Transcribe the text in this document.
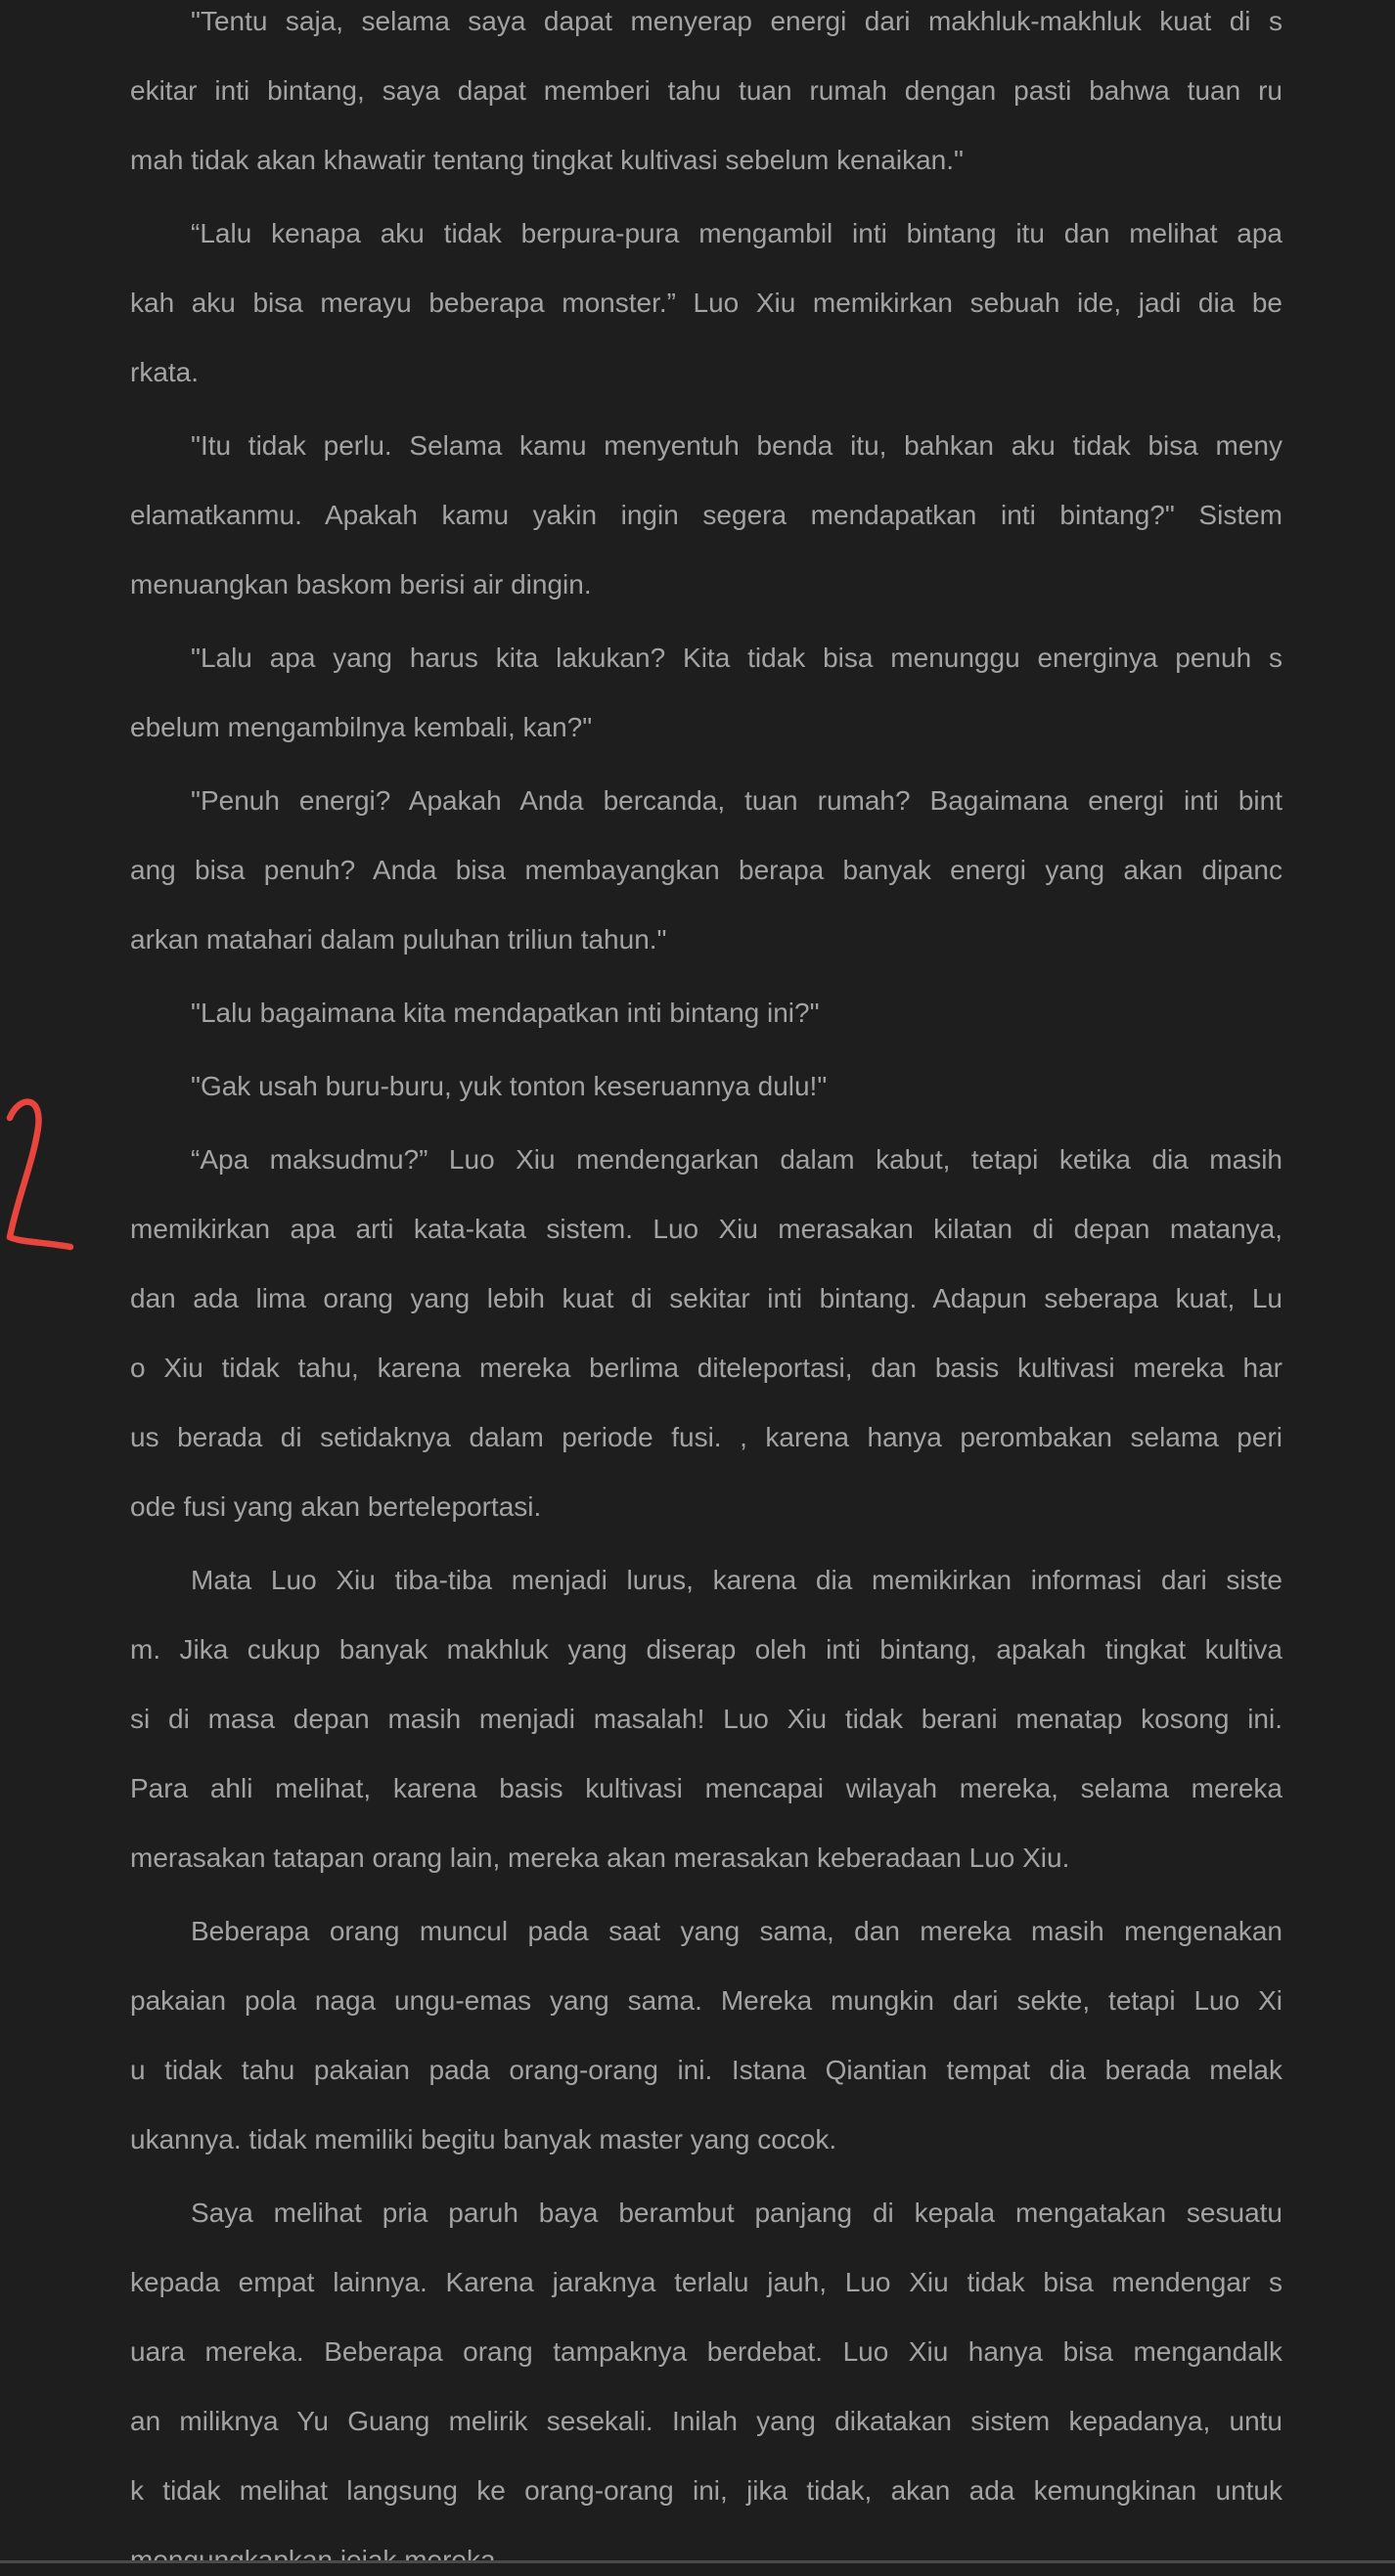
"Tentu saja, selama saya dapat menyerap energi dari makhluk-makhluk kuat di s
ekitar inti bintang, saya dapat memberi tahu tuan rumah dengan pasti bahwa tuan ru
mah tidak akan khawatir tentang tingkat kultivasi sebelum kenaikan."
“Lalu kenapa aku tidak berpura-pura mengambil inti bintang itu dan melihat apa
kah aku bisa merayu beberapa monster.” Luo Xiu memikirkan sebuah ide, jadi dia be
rkata.
"Itu tidak perlu. Selama kamu menyentuh benda itu, bahkan aku tidak bisa meny
elamatkanmu. Apakah kamu yakin ingin segera mendapatkan inti bintang?" Sistem
menuangkan baskom berisi air dingin.
"Lalu apa yang harus kita lakukan? Kita tidak bisa menunggu energinya penuh s
ebelum mengambilnya kembali, kan?"
"Penuh energi? Apakah Anda bercanda, tuan rumah? Bagaimana energi inti bint
ang bisa penuh? Anda bisa membayangkan berapa banyak energi yang akan dipanc
arkan matahari dalam puluhan triliun tahun."
"Lalu bagaimana kita mendapatkan inti bintang ini?"
"Gak usah buru-buru, yuk tonton keseruannya dulu!"
“Apa maksudmu?” Luo Xiu mendengarkan dalam kabut, tetapi ketika dia masih
memikirkan apa arti kata-kata sistem. Luo Xiu merasakan kilatan di depan matanya,
dan ada lima orang yang lebih kuat di sekitar inti bintang. Adapun seberapa kuat, Lu
o Xiu tidak tahu, karena mereka berlima diteleportasi, dan basis kultivasi mereka har
us berada di setidaknya dalam periode fusi. , karena hanya perombakan selama peri
ode fusi yang akan berteleportasi.
Mata Luo Xiu tiba-tiba menjadi lurus, karena dia memikirkan informasi dari siste
m. Jika cukup banyak makhluk yang diserap oleh inti bintang, apakah tingkat kultiva
si di masa depan masih menjadi masalah! Luo Xiu tidak berani menatap kosong ini.
Para ahli melihat, karena basis kultivasi mencapai wilayah mereka, selama mereka
merasakan tatapan orang lain, mereka akan merasakan keberadaan Luo Xiu.
Beberapa orang muncul pada saat yang sama, dan mereka masih mengenakan
pakaian pola naga ungu-emas yang sama. Mereka mungkin dari sekte, tetapi Luo Xi
u tidak tahu pakaian pada orang-orang ini. Istana Qiantian tempat dia berada melak
ukannya. tidak memiliki begitu banyak master yang cocok.
Saya melihat pria paruh baya berambut panjang di kepala mengatakan sesuatu
kepada empat lainnya. Karena jaraknya terlalu jauh, Luo Xiu tidak bisa mendengar s
uara mereka. Beberapa orang tampaknya berdebat. Luo Xiu hanya bisa mengandalk
an miliknya Yu Guang melirik sesekali. Inilah yang dikatakan sistem kepadanya, untu
k tidak melihat langsung ke orang-orang ini, jika tidak, akan ada kemungkinan untuk
